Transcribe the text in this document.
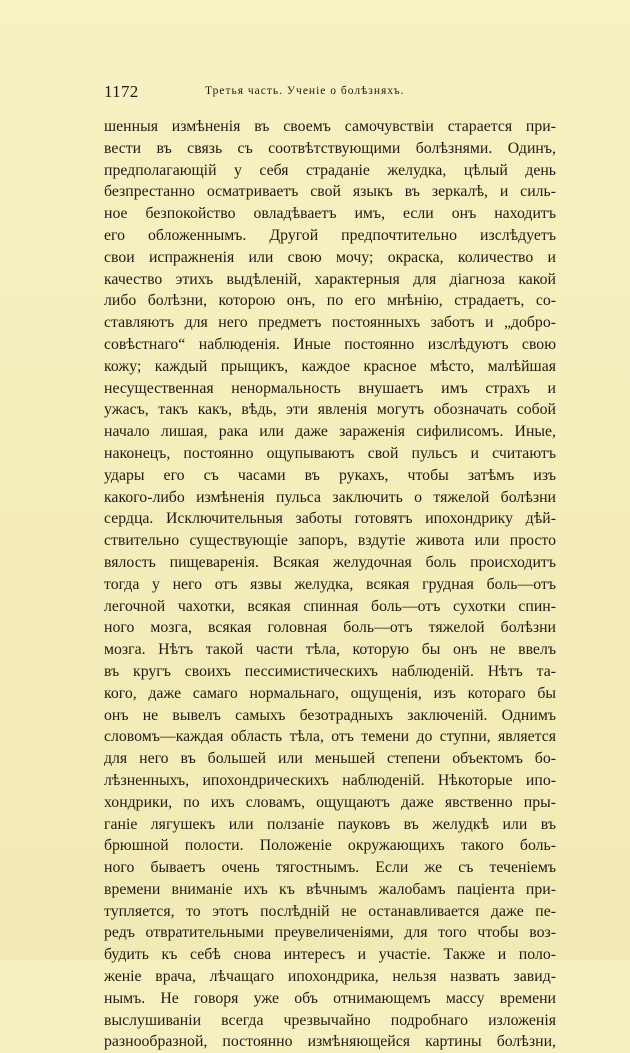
1172	Третья часть. Ученіе о болѣзняхъ.
шенныя измѣненія въ своемъ самочувствіи старается при-
вести въ связь съ соотвѣтствующими болѣзнями. Одинъ,
предполагающій у себя страданіе желудка, цѣлый день
безпрестанно осматриваетъ свой языкъ въ зеркалѣ, и силь-
ное безпокойство овладѣваетъ имъ, если онъ находитъ
его обложеннымъ. Другой предпочтительно изслѣдуетъ
свои испражненія или свою мочу; окраска, количество и
качество этихъ выдѣленій, характерныя для діагноза какой
либо болѣзни, которою онъ, по его мнѣнію, страдаетъ, со-
ставляютъ для него предметъ постоянныхъ заботъ и „добро-
совѣстнаго“ наблюденія. Иные постоянно изслѣдуютъ свою
кожу; каждый прыщикъ, каждое красное мѣсто, малѣйшая
несущественная ненормальность внушаетъ имъ страхъ и
ужасъ, такъ какъ, вѣдь, эти явленія могутъ обозначать собой
начало лишая, рака или даже зараженія сифилисомъ. Иные,
наконецъ, постоянно ощупываютъ свой пульсъ и считаютъ
удары его съ часами въ рукахъ, чтобы затѣмъ изъ
какого-либо измѣненія пульса заключить о тяжелой болѣзни
сердца. Исключительныя заботы готовятъ ипохондрику дѣй-
ствительно существующіе запоръ, вздутіе живота или просто
вялость пищеваренія. Всякая желудочная боль происходитъ
тогда у него отъ язвы желудка, всякая грудная боль—отъ
легочной чахотки, всякая спинная боль—отъ сухотки спин-
ного мозга, всякая головная боль—отъ тяжелой болѣзни
мозга. Нѣтъ такой части тѣла, которую бы онъ не ввелъ
въ кругъ своихъ пессимистическихъ наблюденій. Нѣтъ та-
кого, даже самаго нормальнаго, ощущенія, изъ котораго бы
онъ не вывелъ самыхъ безотрадныхъ заключеній. Однимъ
словомъ—каждая область тѣла, отъ темени до ступни, является
для него въ большей или меньшей степени объектомъ бо-
лѣзненныхъ, ипохондрическихъ наблюденій. Нѣкоторые ипо-
хондрики, по ихъ словамъ, ощущаютъ даже явственно пры-
ганіе лягушекъ или ползаніе пауковъ въ желудкѣ или въ
брюшной полости. Положеніе окружающихъ такого боль-
ного бываетъ очень тягостнымъ. Если же съ теченіемъ
времени вниманіе ихъ къ вѣчнымъ жалобамъ паціента при-
тупляется, то этотъ послѣдній не останавливается даже пе-
редъ отвратительными преувеличеніями, для того чтобы воз-
будить къ себѣ снова интересъ и участіе. Также и поло-
женіе врача, лѣчащаго ипохондрика, нельзя назвать завид-
нымъ. Не говоря уже объ отнимающемъ массу времени
выслушиваніи всегда чрезвычайно подробнаго изложенія
разнообразной, постоянно измѣняющейся картины болѣзни,
